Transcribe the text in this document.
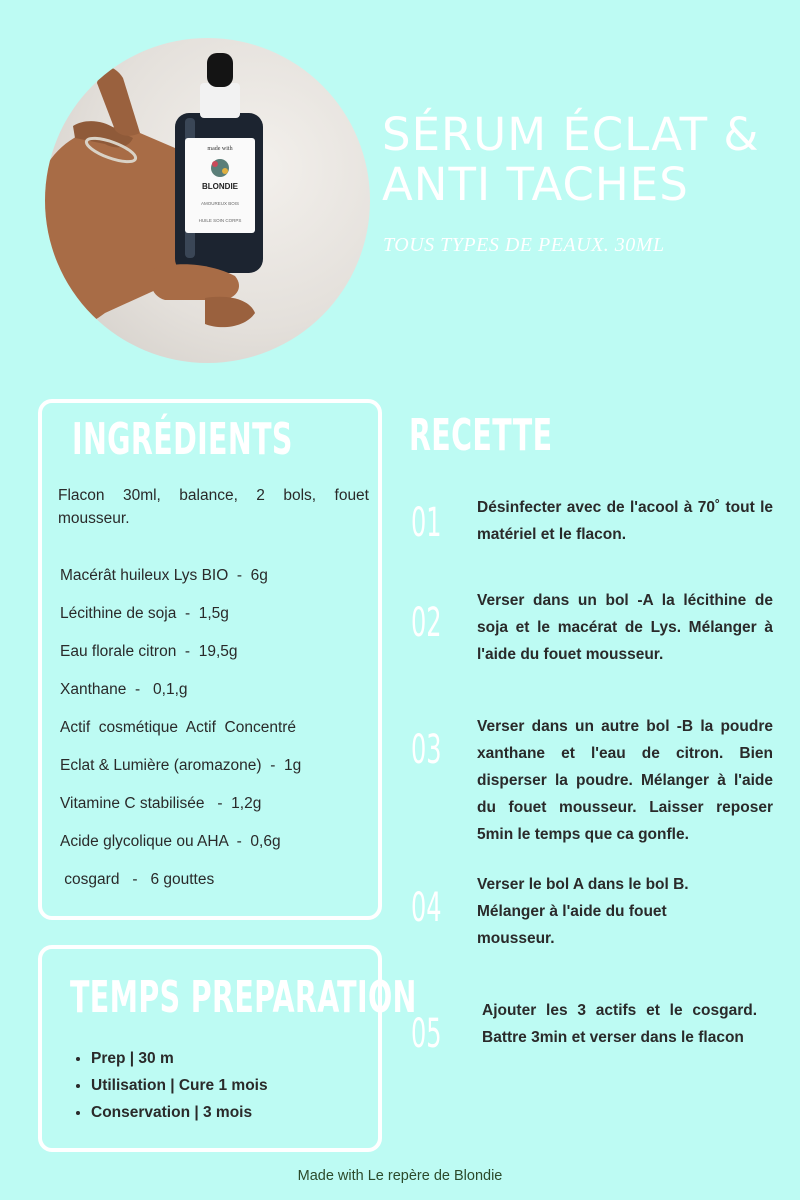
made with
BLONDIE
AMOUREUX BOIS
HUILE SOIN CORPS
SÉRUM ÉCLAT &
ANTI TACHES

TOUS TYPES DE PEAUX. 30ML

INGRÉDIENTS

Flacon 30ml, balance, 2 bols, fouet mousseur.

Macérât huileux Lys BIO  -  6g
Lécithine de soja  -  1,5g
Eau florale citron  -  19,5g
Xanthane  -   0,1,g
Actif  cosmétique  Actif  Concentré
Eclat & Lumière (aromazone)  -  1g
Vitamine C stabilisée   -  1,2g
Acide glycolique ou AHA  -  0,6g
cosgard   -   6 gouttes
TEMPS PREPARATION
• Prep | 30 m
• Utilisation | Cure 1 mois
• Conservation | 3 mois
RECETTE

01 Désinfecter avec de l'acool à 70˚ tout le matériel et le flacon.

02 Verser dans un bol -A la lécithine de soja et le macérat de Lys. Mélanger à l'aide du fouet mousseur.

03

Verser dans un autre bol -B la poudre xanthane et l'eau de citron. Bien disperser la poudre. Mélanger à l'aide du fouet mousseur. Laisser reposer 5min le temps que ca gonfle.

04

Verser le bol A dans le bol B. Mélanger à l'aide du fouet mousseur.

05

Ajouter les 3 actifs et le cosgard. Battre 3min et verser dans le flacon

Made with Le repère de Blondie
